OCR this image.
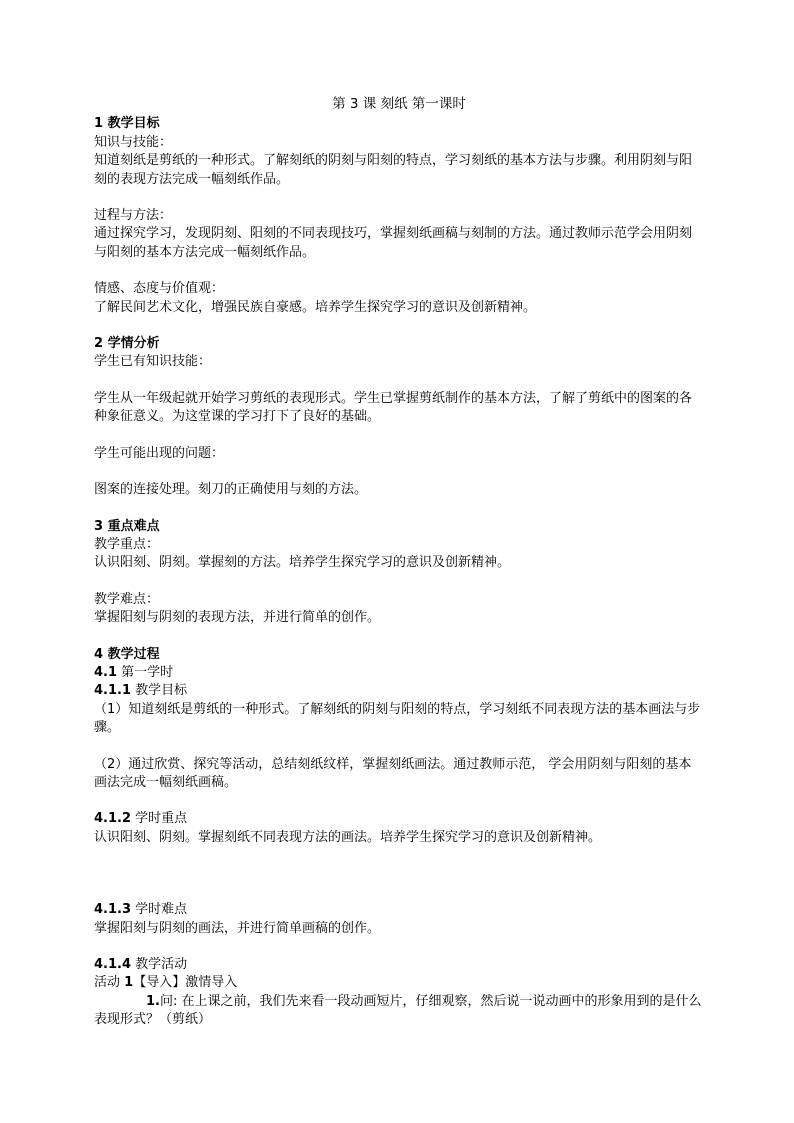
第 3 课 刻纸 第一课时
1 教学目标
知识与技能：
知道刻纸是剪纸的一种形式。了解刻纸的阴刻与阳刻的特点，学习刻纸的基本方法与步骤。利用阴刻与阳刻的表现方法完成一幅刻纸作品。
过程与方法：
通过探究学习，发现阴刻、阳刻的不同表现技巧，掌握刻纸画稿与刻制的方法。通过教师示范学会用阴刻与阳刻的基本方法完成一幅刻纸作品。
情感、态度与价值观：
了解民间艺术文化，增强民族自豪感。培养学生探究学习的意识及创新精神。
2 学情分析
学生已有知识技能：
学生从一年级起就开始学习剪纸的表现形式。学生已掌握剪纸制作的基本方法，了解了剪纸中的图案的各种象征意义。为这堂课的学习打下了良好的基础。
学生可能出现的问题：
图案的连接处理。刻刀的正确使用与刻的方法。
3 重点难点
教学重点：
认识阳刻、阴刻。掌握刻的方法。培养学生探究学习的意识及创新精神。
教学难点：
掌握阳刻与阴刻的表现方法，并进行简单的创作。
4 教学过程
4.1 第一学时
4.1.1 教学目标
（1）知道刻纸是剪纸的一种形式。了解刻纸的阴刻与阳刻的特点，学习刻纸不同表现方法的基本画法与步骤。
（2）通过欣赏、探究等活动，总结刻纸纹样，掌握刻纸画法。通过教师示范， 学会用阴刻与阳刻的基本画法完成一幅刻纸画稿。
4.1.2 学时重点
认识阳刻、阴刻。掌握刻纸不同表现方法的画法。培养学生探究学习的意识及创新精神。
4.1.3 学时难点
掌握阳刻与阴刻的画法，并进行简单画稿的创作。
4.1.4 教学活动
活动 1【导入】激情导入
1.问: 在上课之前，我们先来看一段动画短片，仔细观察，然后说一说动画中的形象用到的是什么表现形式？（剪纸）
